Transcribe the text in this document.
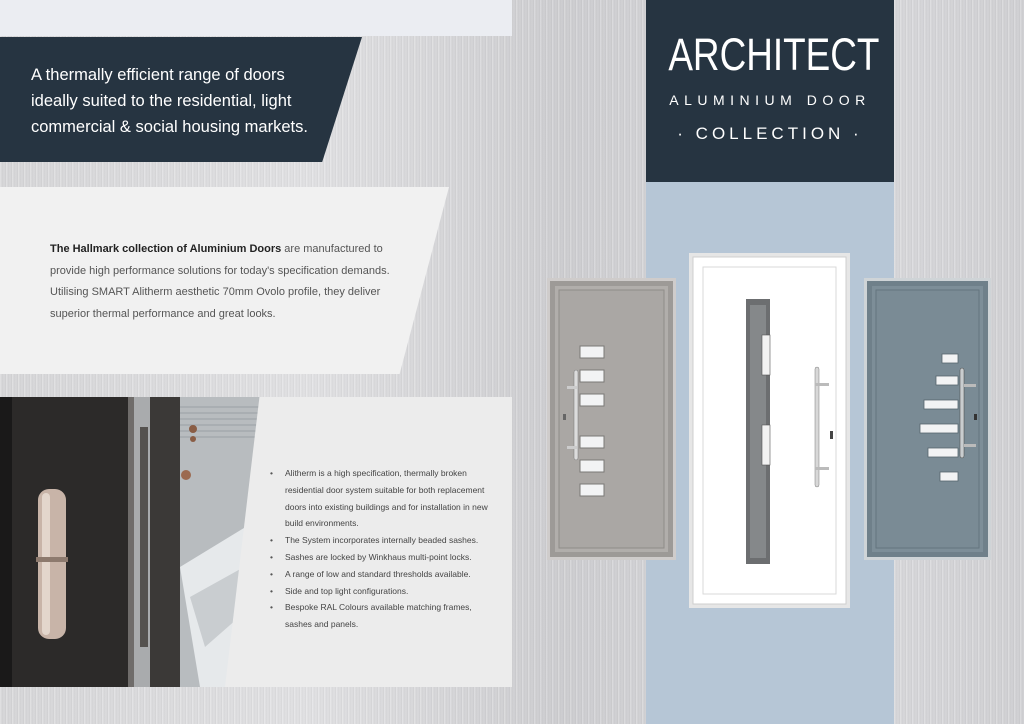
A thermally efficient range of doors ideally suited to the residential, light commercial & social housing markets.

The Hallmark collection of Aluminium Doors are manufactured to provide high performance solutions for today's specification demands. Utilising SMART Alitherm aesthetic 70mm Ovolo profile, they deliver superior thermal performance and great looks.

• Alitherm is a high specification, thermally broken residential door system suitable for both replacement doors into existing buildings and for installation in new build environments.
• The System incorporates internally beaded sashes.
• Sashes are locked by Winkhaus multi-point locks.
• A range of low and standard thresholds available.
• Side and top light configurations.
• Bespoke RAL Colours available matching frames, sashes and panels.
ARCHITECT
ALUMINIUM DOOR
· COLLECTION ·
